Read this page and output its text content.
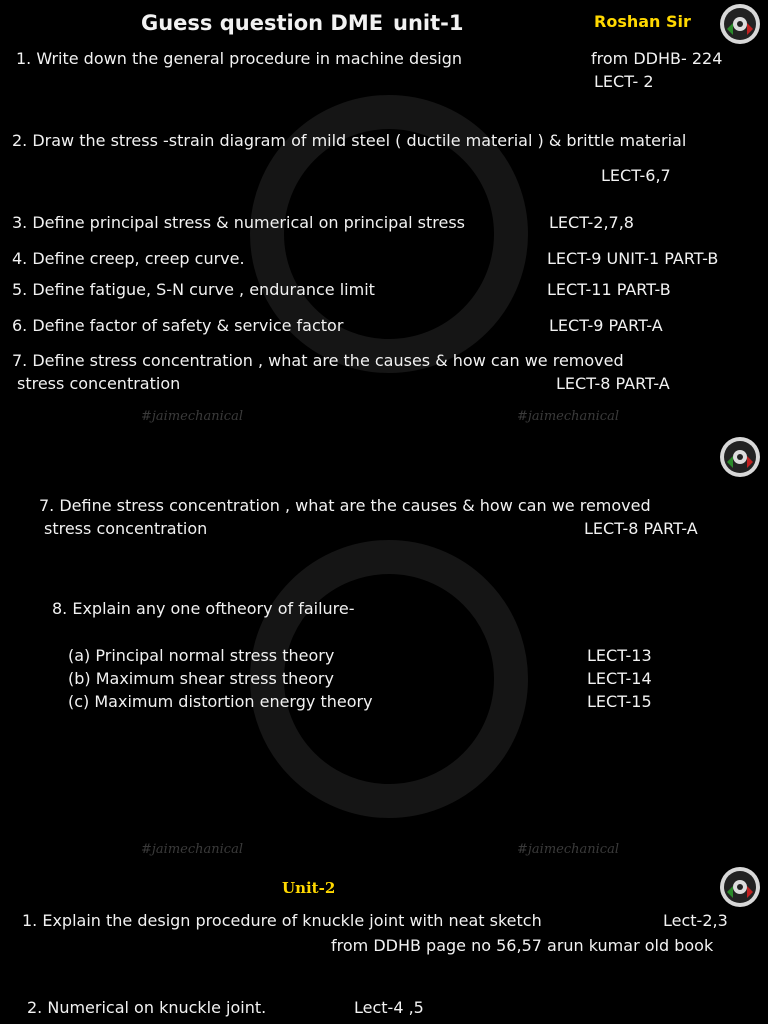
Guess question DME unit-1	Roshan Sir
1. Write down the general procedure in machine design	from DDHB- 224
LECT- 2
2. Draw the stress -strain diagram of mild steel ( ductile material ) & brittle material
LECT-6,7
3. Define principal stress & numerical on principal stress	LECT-2,7,8
4. Define creep, creep curve.	LECT-9 UNIT-1 PART-B
5. Define fatigue, S-N curve , endurance limit	LECT-11 PART-B
6. Define factor of safety & service factor	LECT-9 PART-A
7. Define stress concentration , what are the causes & how can we removed
stress concentration	LECT-8 PART-A
#jaimechanical	#jaimechanical
7. Define stress concentration , what are the causes & how can we removed
stress concentration	LECT-8 PART-A
8. Explain any one oftheory of failure-
(a) Principal normal stress theory	LECT-13
(b) Maximum shear stress theory	LECT-14
(c) Maximum distortion energy theory	LECT-15
#jaimechanical	#jaimechanical
Unit-2
1. Explain the design procedure of knuckle joint with neat sketch	Lect-2,3
from DDHB page no 56,57 arun kumar old book
2. Numerical on knuckle joint.	Lect-4 ,5
